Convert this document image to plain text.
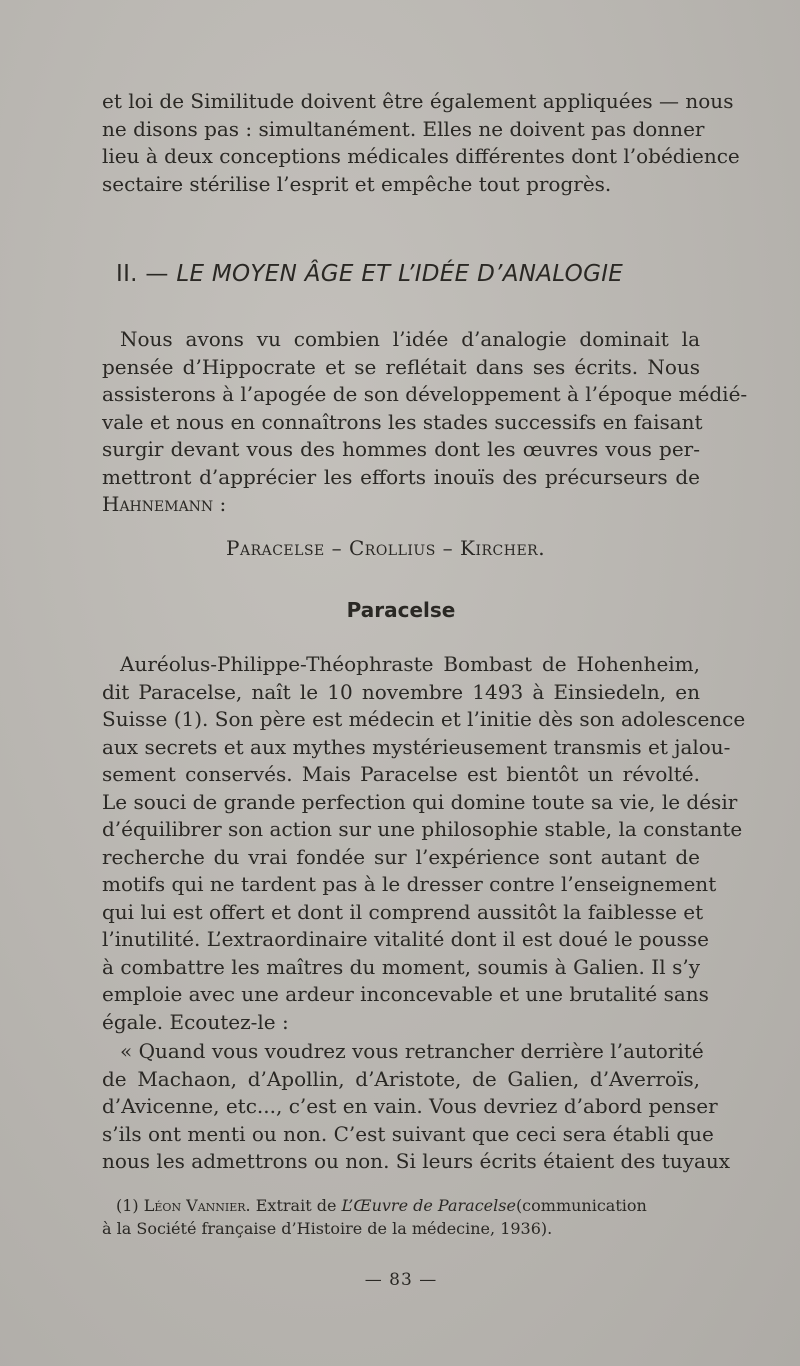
et loi de Similitude doivent être également appliquées — nous
ne disons pas : simultanément. Elles ne doivent pas donner
lieu à deux conceptions médicales différentes dont l’obédience
sectaire stérilise l’esprit et empêche tout progrès.

II. — LE MOYEN ÂGE ET L’IDÉE D’ANALOGIE

Nous avons vu combien l’idée d’analogie dominait la
pensée d’Hippocrate et se reflétait dans ses écrits. Nous
assisterons à l’apogée de son développement à l’époque médié-
vale et nous en connaîtrons les stades successifs en faisant
surgir devant vous des hommes dont les œuvres vous per-
mettront d’apprécier les efforts inouïs des précurseurs de
Hahnemann :

Paracelse – Crollius – Kircher.
Paracelse

Auréolus-Philippe-Théophraste Bombast de Hohenheim,
dit Paracelse, naît le 10 novembre 1493 à Einsiedeln, en
Suisse (1). Son père est médecin et l’initie dès son adolescence
aux secrets et aux mythes mystérieusement transmis et jalou-
sement conservés. Mais Paracelse est bientôt un révolté.
Le souci de grande perfection qui domine toute sa vie, le désir
d’équilibrer son action sur une philosophie stable, la constante
recherche du vrai fondée sur l’expérience sont autant de
motifs qui ne tardent pas à le dresser contre l’enseignement
qui lui est offert et dont il comprend aussitôt la faiblesse et
l’inutilité. L’extraordinaire vitalité dont il est doué le pousse
à combattre les maîtres du moment, soumis à Galien. Il s’y
emploie avec une ardeur inconcevable et une brutalité sans
égale. Ecoutez-le :

« Quand vous voudrez vous retrancher derrière l’autorité
de Machaon, d’Apollin, d’Aristote, de Galien, d’Averroïs,
d’Avicenne, etc..., c’est en vain. Vous devriez d’abord penser
s’ils ont menti ou non. C’est suivant que ceci sera établi que
nous les admettrons ou non. Si leurs écrits étaient des tuyaux

(1) Léon Vannier. Extrait de L’Œuvre de Paracelse(communication
à la Société française d’Histoire de la médecine, 1936).
— 83 —
